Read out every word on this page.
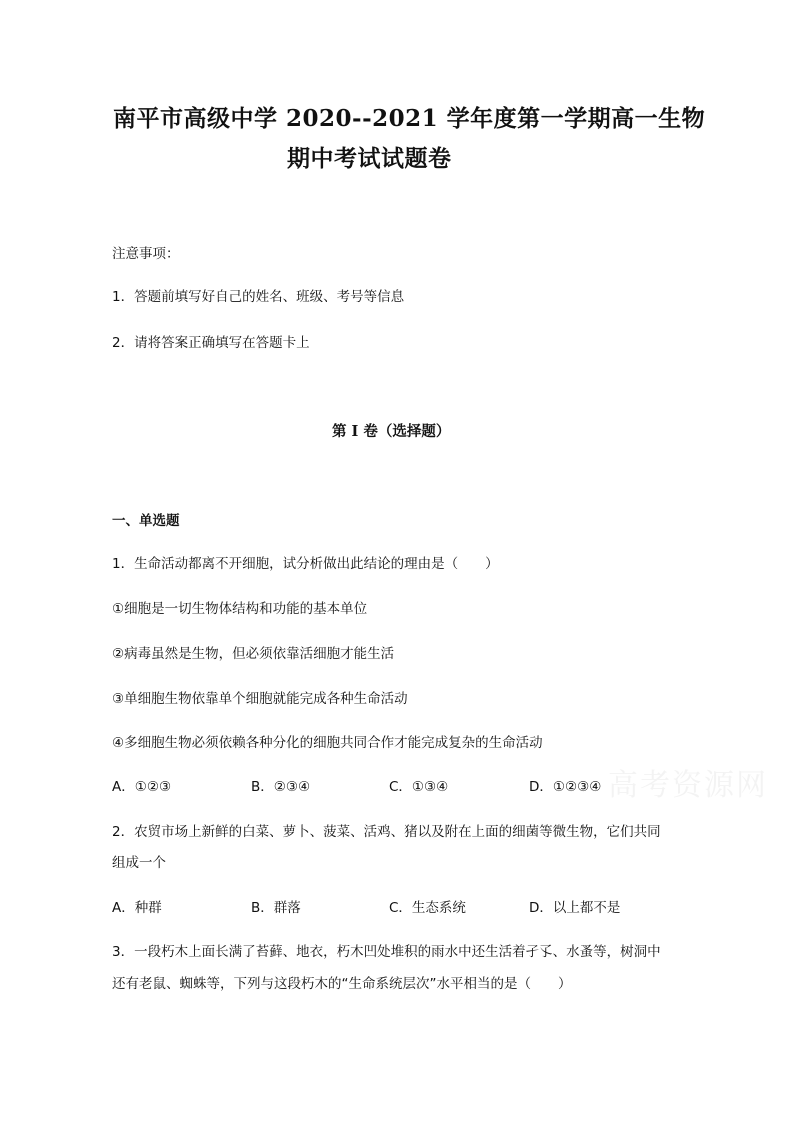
南平市高级中学 2020--2021 学年度第一学期高一生物
期中考试试题卷
注意事项：
1．答题前填写好自己的姓名、班级、考号等信息
2．请将答案正确填写在答题卡上
第 I 卷（选择题）
一、单选题
1．生命活动都离不开细胞，试分析做出此结论的理由是（　　）
①细胞是一切生物体结构和功能的基本单位
②病毒虽然是生物，但必须依靠活细胞才能生活
③单细胞生物依靠单个细胞就能完成各种生命活动
④多细胞生物必须依赖各种分化的细胞共同合作才能完成复杂的生命活动
A．①②③	B．②③④	C．①③④	D．①②③④ 高考资源网
2．农贸市场上新鲜的白菜、萝卜、菠菜、活鸡、猪以及附在上面的细菌等微生物，它们共同
组成一个
A．种群	B．群落	C．生态系统	D．以上都不是
3．一段朽木上面长满了苔藓、地衣，朽木凹处堆积的雨水中还生活着孑孓、水蚤等，树洞中
还有老鼠、蜘蛛等，下列与这段朽木的“生命系统层次”水平相当的是（　　）
